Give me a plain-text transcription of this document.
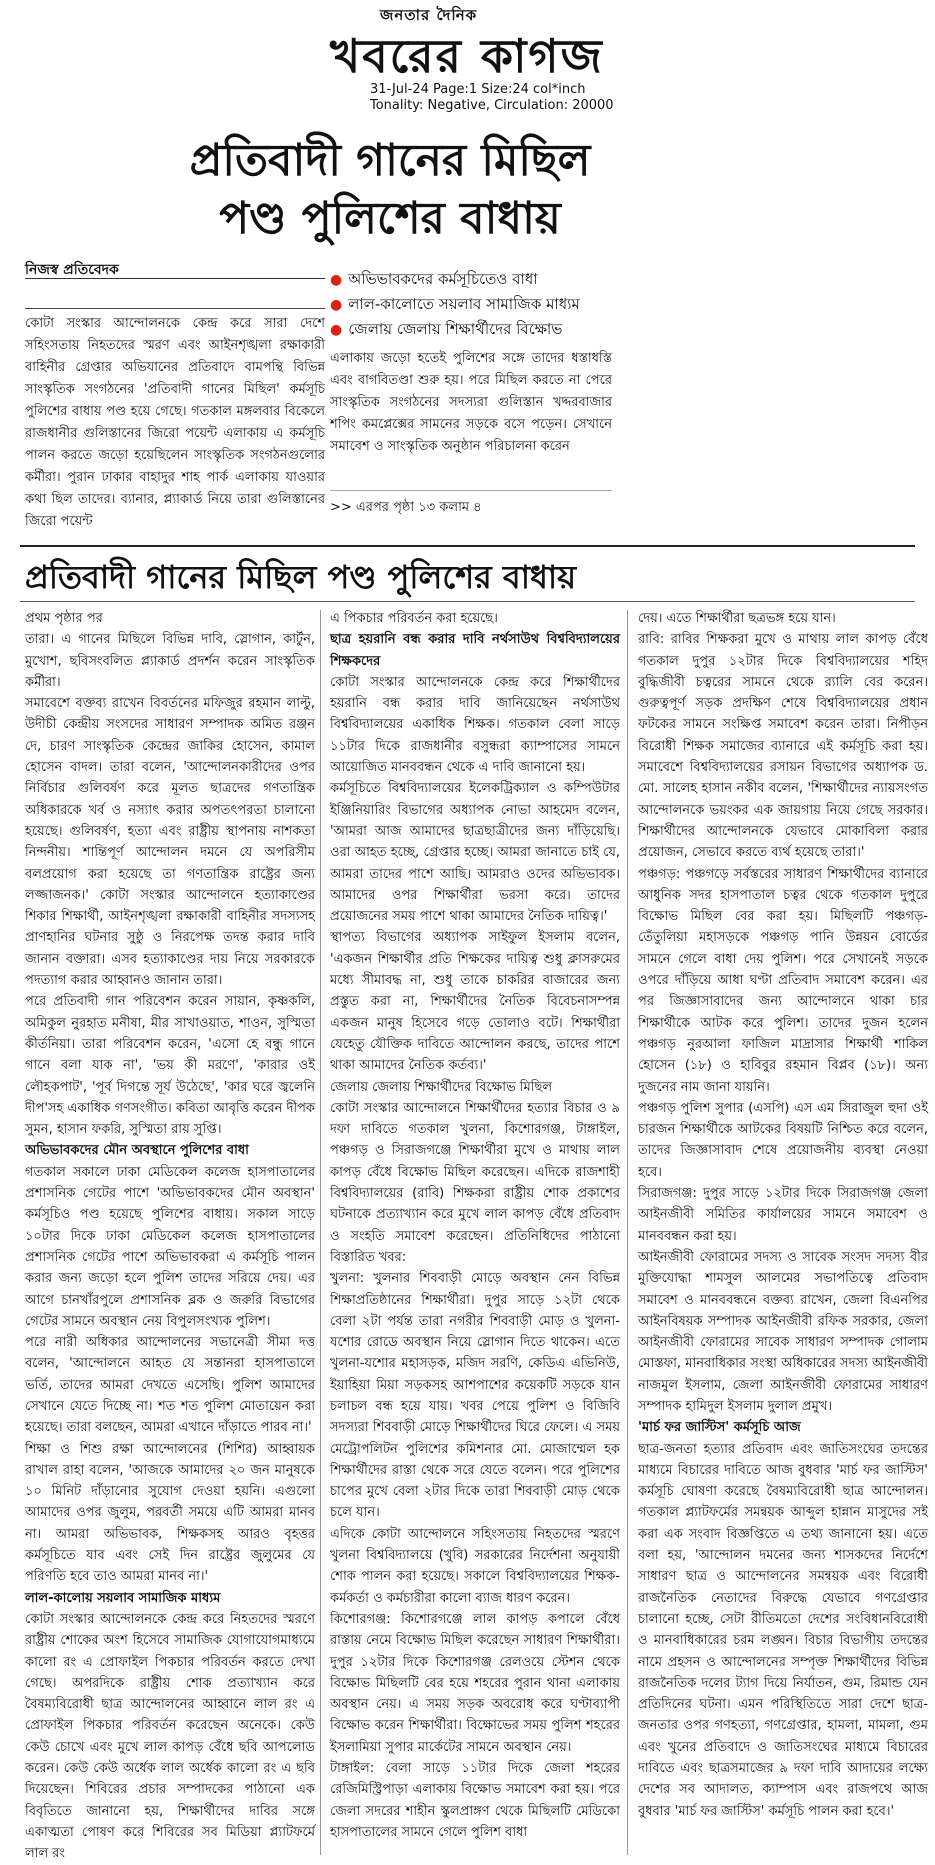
জনতার দৈনিক
খবরের কাগজ
31-Jul-24 Page:1 Size:24 col*inch
Tonality: Negative, Circulation: 20000
প্রতিবাদী গানের মিছিল
পণ্ড পুলিশের বাধায়
নিজস্ব প্রতিবেদক
● অভিভাবকদের কর্মসূচিতেও বাধা
● লাল-কালোতে সয়লাব সামাজিক মাধ্যম
● জেলায় জেলায় শিক্ষার্থীদের বিক্ষোভ
কোটা সংস্কার আন্দোলনকে কেন্দ্র করে সারা দেশে সহিংসতায় নিহতদের স্মরণ এবং আইনশৃঙ্খলা রক্ষাকারী বাহিনীর গ্রেপ্তার অভিযানের প্রতিবাদে বামপন্থি বিভিন্ন সাংস্কৃতিক সংগঠনের 'প্রতিবাদী গানের মিছিল' কর্মসূচি পুলিশের বাধায় পণ্ড হয়ে গেছে। গতকাল মঙ্গলবার বিকেলে রাজধানীর গুলিস্তানের জিরো পয়েন্ট এলাকায় এ কর্মসূচি পালন করতে জড়ো হয়েছিলেন সাংস্কৃতিক সংগঠনগুলোর কর্মীরা। পুরান ঢাকার বাহাদুর শাহ পার্ক এলাকায় যাওয়ার কথা ছিল তাদের। ব্যানার, প্ল্যাকার্ড নিয়ে তারা গুলিস্তানের জিরো পয়েন্ট
এলাকায় জড়ো হতেই পুলিশের সঙ্গে তাদের ধস্তাধস্তি এবং বাগবিতণ্ডা শুরু হয়। পরে মিছিল করতে না পেরে সাংস্কৃতিক সংগঠনের সদস্যরা গুলিস্তান খদ্দরবাজার শপিং কমপ্লেক্সের সামনের সড়কে বসে পড়েন। সেখানে সমাবেশ ও সাংস্কৃতিক অনুষ্ঠান পরিচালনা করেন
>> এরপর পৃষ্ঠা ১৩ কলাম ৪
প্রতিবাদী গানের মিছিল পণ্ড পুলিশের বাধায়

প্রথম পৃষ্ঠার পর

তারা। এ গানের মিছিলে বিভিন্ন দাবি, স্লোগান, কার্টুন, মুখোশ, ছবিসংবলিত প্ল্যাকার্ড প্রদর্শন করেন সাংস্কৃতিক কর্মীরা।

সমাবেশে বক্তব্য রাখেন বিবর্তনের মফিজুর রহমান লাল্টু, উদীচী কেন্দ্রীয় সংসদের সাধারণ সম্পাদক অমিত রঞ্জন দে, চারণ সাংস্কৃতিক কেন্দ্রের জাকির হোসেন, কামাল হোসেন বাদল। তারা বলেন, 'আন্দোলনকারীদের ওপর নির্বিচার গুলিবর্ষণ করে মূলত ছাত্রদের গণতান্ত্রিক অধিকারকে খর্ব ও নস্যাৎ করার অপতৎপরতা চালানো হয়েছে। গুলিবর্ষণ, হত্যা এবং রাষ্ট্রীয় স্থাপনায় নাশকতা নিন্দনীয়। শান্তিপূর্ণ আন্দোলন দমনে যে অপরিসীম বলপ্রয়োগ করা হয়েছে তা গণতান্ত্রিক রাষ্ট্রের জন্য লজ্জাজনক।' কোটা সংস্কার আন্দোলনে হত্যাকাণ্ডের শিকার শিক্ষার্থী, আইনশৃঙ্খলা রক্ষাকারী বাহিনীর সদস্যসহ প্রাণহানির ঘটনার সুষ্ঠু ও নিরপেক্ষ তদন্ত করার দাবি জানান বক্তারা। এসব হত্যাকাণ্ডের দায় নিয়ে সরকারকে পদত্যাগ করার আহ্বানও জানান তারা।

পরে প্রতিবাদী গান পরিবেশন করেন সায়ান, কৃষ্ণকলি, অমিকুল নুরহাত মনীষা, মীর সাখাওয়াত, শাওন, সুস্মিতা কীর্তনিয়া। তারা পরিবেশন করেন, 'এসো হে বন্ধু গানে গানে বলা যাক না', 'ভয় কী মরণে', 'কারার ওই লৌহকপাট', 'পূর্ব দিগন্তে সূর্য উঠেছে', 'কার ঘরে জ্বলেনি দীপ'সহ একাধিক গণসংগীত। কবিতা আবৃত্তি করেন দীপক সুমন, হাসান ফকরি, সুস্মিতা রায় সুপ্তি।

অভিভাবকদের মৌন অবস্থানে পুলিশের বাধা

গতকাল সকালে ঢাকা মেডিকেল কলেজ হাসপাতালের প্রশাসনিক গেটের পাশে 'অভিভাবকদের মৌন অবস্থান' কর্মসূচিও পণ্ড হয়েছে পুলিশের বাধায়। সকাল সাড়ে ১০টার দিকে ঢাকা মেডিকেল কলেজ হাসপাতালের প্রশাসনিক গেটের পাশে অভিভাবকরা এ কর্মসূচি পালন করার জন্য জড়ো হলে পুলিশ তাদের সরিয়ে দেয়। এর আগে চানখাঁরপুলে প্রশাসনিক ব্লক ও জরুরি বিভাগের গেটের সামনে অবস্থান নেয় বিপুলসংখ্যক পুলিশ।

পরে নারী অধিকার আন্দোলনের সভানেত্রী সীমা দত্ত বলেন, 'আন্দোলনে আহত যে সন্তানরা হাসপাতালে ভর্তি, তাদের আমরা দেখতে এসেছি। পুলিশ আমাদের সেখানে যেতে দিচ্ছে না। শত শত পুলিশ মোতায়েন করা হয়েছে। তারা বলছেন, আমরা এখানে দাঁড়াতে পারব না।'

শিক্ষা ও শিশু রক্ষা আন্দোলনের (শিশির) আহ্বায়ক রাখাল রাহা বলেন, 'আজকে আমাদের ২০ জন মানুষকে ১০ মিনিট দাঁড়ানোর সুযোগ দেওয়া হয়নি। এগুলো আমাদের ওপর জুলুম, পরবর্তী সময়ে এটি আমরা মানব না। আমরা অভিভাবক, শিক্ষকসহ আরও বৃহত্তর কর্মসূচিতে যাব এবং সেই দিন রাষ্ট্রের জুলুমের যে পরিণতি হবে তাও আমরা মানব না।'

লাল-কালোয় সয়লাব সামাজিক মাধ্যম

কোটা সংস্কার আন্দোলনকে কেন্দ্র করে নিহতদের স্মরণে রাষ্ট্রীয় শোকের অংশ হিসেবে সামাজিক যোগাযোগমাধ্যমে কালো রং এ প্রোফাইল পিকচার পরিবর্তন করতে দেখা গেছে। অপরদিকে রাষ্ট্রীয় শোক প্রত্যাখ্যান করে বৈষম্যবিরোধী ছাত্র আন্দোলনের আহ্বানে লাল রং এ প্রোফাইল পিকচার পরিবর্তন করেছেন অনেকে। কেউ কেউ চোখে এবং মুখে লাল কাপড় বেঁধে ছবি আপলোড করেন। কেউ কেউ অর্ধেক লাল অর্ধেক কালো রং এ ছবি দিয়েছেন। শিবিরের প্রচার সম্পাদকের পাঠানো এক বিবৃতিতে জানানো হয়, শিক্ষার্থীদের দাবির সঙ্গে একাত্মতা পোষণ করে শিবিরের সব মিডিয়া প্ল্যাটফর্মে লাল রং

এ পিকচার পরিবর্তন করা হয়েছে।

ছাত্র হয়রানি বন্ধ করার দাবি নর্থসাউথ বিশ্ববিদ্যালয়ের শিক্ষকদের

কোটা সংস্কার আন্দোলনকে কেন্দ্র করে শিক্ষার্থীদের হয়রানি বন্ধ করার দাবি জানিয়েছেন নর্থসাউথ বিশ্ববিদ্যালয়ের একাধিক শিক্ষক। গতকাল বেলা সাড়ে ১১টার দিকে রাজধানীর বসুন্ধরা ক্যাম্পাসের সামনে আয়োজিত মানববন্ধন থেকে এ দাবি জানানো হয়।

কর্মসূচিতে বিশ্ববিদ্যালয়ের ইলেকট্রিক্যাল ও কম্পিউটার ইঞ্জিনিয়ারিং বিভাগের অধ্যাপক নোভা আহমেদ বলেন, 'আমরা আজ আমাদের ছাত্রছাত্রীদের জন্য দাঁড়িয়েছি। ওরা আহত হচ্ছে, গ্রেপ্তার হচ্ছে। আমরা জানাতে চাই যে, আমরা তাদের পাশে আছি। আমরাও ওদের অভিভাবক। আমাদের ওপর শিক্ষার্থীরা ভরসা করে। তাদের প্রয়োজনের সময় পাশে থাকা আমাদের নৈতিক দায়িত্ব।'

স্থাপত্য বিভাগের অধ্যাপক সাইফুল ইসলাম বলেন, 'একজন শিক্ষার্থীর প্রতি শিক্ষকের দায়িত্ব শুধু ক্লাসরুমের মধ্যে সীমাবদ্ধ না, শুধু তাকে চাকরির বাজারের জন্য প্রস্তুত করা না, শিক্ষার্থীদের নৈতিক বিবেচনাসম্পন্ন একজন মানুষ হিসেবে গড়ে তোলাও বটে। শিক্ষার্থীরা যেহেতু যৌক্তিক দাবিতে আন্দোলন করছে, তাদের পাশে থাকা আমাদের নৈতিক কর্তব্য।'

জেলায় জেলায় শিক্ষার্থীদের বিক্ষোভ মিছিল

কোটা সংস্কার আন্দোলনে শিক্ষার্থীদের হত্যার বিচার ও ৯ দফা দাবিতে গতকাল খুলনা, কিশোরগঞ্জ, টাঙ্গাইল, পঞ্চগড় ও সিরাজগঞ্জে শিক্ষার্থীরা মুখে ও মাথায় লাল কাপড় বেঁধে বিক্ষোভ মিছিল করেছেন। এদিকে রাজশাহী বিশ্ববিদ্যালয়ের (রাবি) শিক্ষকরা রাষ্ট্রীয় শোক প্রকাশের ঘটনাকে প্রত্যাখ্যান করে মুখে লাল কাপড় বেঁধে প্রতিবাদ ও সংহতি সমাবেশ করেছেন। প্রতিনিধিদের পাঠানো বিস্তারিত খবর:

খুলনা: খুলনার শিববাড়ী মোড়ে অবস্থান নেন বিভিন্ন শিক্ষাপ্রতিষ্ঠানের শিক্ষার্থীরা। দুপুর সাড়ে ১২টা থেকে বেলা ২টা পর্যন্ত তারা নগরীর শিববাড়ী মোড় ও খুলনা-যশোর রোডে অবস্থান নিয়ে স্লোগান দিতে থাকেন। এতে খুলনা-যশোর মহাসড়ক, মজিদ সরণি, কেডিএ এভিনিউ, ইয়াহিয়া মিয়া সড়কসহ আশপাশের কয়েকটি সড়কে যান চলাচল বন্ধ হয়ে যায়। খবর পেয়ে পুলিশ ও বিজিবি সদস্যরা শিববাড়ী মোড়ে শিক্ষার্থীদের ঘিরে ফেলে। এ সময় মেট্রোপলিটন পুলিশের কমিশনার মো. মোজাম্মেল হক শিক্ষার্থীদের রাস্তা থেকে সরে যেতে বলেন। পরে পুলিশের চাপের মুখে বেলা ২টার দিকে তারা শিববাড়ী মোড় থেকে চলে যান।

এদিকে কোটা আন্দোলনে সহিংসতায় নিহতদের স্মরণে খুলনা বিশ্ববিদ্যালয়ে (খুবি) সরকারের নির্দেশনা অনুযায়ী শোক পালন করা হয়েছে। সকালে বিশ্ববিদ্যালয়ের শিক্ষক-কর্মকর্তা ও কর্মচারীরা কালো ব্যাজ ধারণ করেন।

কিশোরগঞ্জ: কিশোরগঞ্জে লাল কাপড় কপালে বেঁধে রাস্তায় নেমে বিক্ষোভ মিছিল করেছেন সাধারণ শিক্ষার্থীরা। দুপুর ১২টার দিকে কিশোরগঞ্জ রেলওয়ে স্টেশন থেকে বিক্ষোভ মিছিলটি বের হয়ে শহরের পুরান থানা এলাকায় অবস্থান নেয়। এ সময় সড়ক অবরোধ করে ঘণ্টাব্যাপী বিক্ষোভ করেন শিক্ষার্থীরা। বিক্ষোভের সময় পুলিশ শহরের ইসলামিয়া সুপার মার্কেটের সামনে অবস্থান নেয়।

টাঙ্গাইল: বেলা সাড়ে ১১টার দিকে জেলা শহরের রেজিমিস্ট্রিপাড়া এলাকায় বিক্ষোভ সমাবেশ করা হয়। পরে জেলা সদরের শাহীন স্কুলপ্রাঙ্গণ থেকে মিছিলটি মেডিকো হাসপাতালের সামনে গেলে পুলিশ বাধা

দেয়। এতে শিক্ষার্থীরা ছত্রভঙ্গ হয়ে যান।

রাবি: রাবির শিক্ষকরা মুখে ও মাথায় লাল কাপড় বেঁধে গতকাল দুপুর ১২টার দিকে বিশ্ববিদ্যালয়ের শহিদ বুদ্ধিজীবী চত্বরের সামনে থেকে র‍্যালি বের করেন। গুরুত্বপূর্ণ সড়ক প্রদক্ষিণ শেষে বিশ্ববিদ্যালয়ের প্রধান ফটকের সামনে সংক্ষিপ্ত সমাবেশ করেন তারা। নিপীড়ন বিরোধী শিক্ষক সমাজের ব্যানারে এই কর্মসূচি করা হয়। সমাবেশে বিশ্ববিদ্যালয়ের রসায়ন বিভাগের অধ্যাপক ড. মো. সালেহ হাসান নকীব বলেন, 'শিক্ষার্থীদের ন্যায়সংগত আন্দোলনকে ভয়ংকর এক জায়গায় নিয়ে গেছে সরকার। শিক্ষার্থীদের আন্দোলনকে যেভাবে মোকাবিলা করার প্রয়োজন, সেভাবে করতে ব্যর্থ হয়েছে তারা।'

পঞ্চগড়: পঞ্চগড়ে সর্বস্তরের সাধারণ শিক্ষার্থীদের ব্যানারে আধুনিক সদর হাসপাতাল চত্বর থেকে গতকাল দুপুরে বিক্ষোভ মিছিল বের করা হয়। মিছিলটি পঞ্চগড়-তেঁতুলিয়া মহাসড়কে পঞ্চগড় পানি উন্নয়ন বোর্ডের সামনে গেলে বাধা দেয় পুলিশ। পরে সেখানেই সড়কে ওপরে দাঁড়িয়ে আধা ঘণ্টা প্রতিবাদ সমাবেশ করেন। এর পর জিজ্ঞাসাবাদের জন্য আন্দোলনে থাকা চার শিক্ষার্থীকে আটক করে পুলিশ। তাদের দুজন হলেন পঞ্চগড় নুরআলা ফাজিল মাদ্রাসার শিক্ষার্থী শাকিল হোসেন (১৮) ও হাবিবুর রহমান বিপ্লব (১৮)। অন্য দুজনের নাম জানা যায়নি।

পঞ্চগড় পুলিশ সুপার (এসপি) এস এম সিরাজুল হুদা ওই চারজন শিক্ষার্থীকে আটকের বিষয়টি নিশ্চিত করে বলেন, তাদের জিজ্ঞাসাবাদ শেষে প্রয়োজনীয় ব্যবস্থা নেওয়া হবে।

সিরাজগঞ্জ: দুপুর সাড়ে ১২টার দিকে সিরাজগঞ্জ জেলা আইনজীবী সমিতির কার্যালয়ের সামনে সমাবেশ ও মানববন্ধন করা হয়।

আইনজীবী ফোরামের সদস্য ও সাবেক সংসদ সদস্য বীর মুক্তিযোদ্ধা শামসুল আলমের সভাপতিত্বে প্রতিবাদ সমাবেশ ও মানববন্ধনে বক্তব্য রাখেন, জেলা বিএনপির আইনবিষয়ক সম্পাদক আইনজীবী রফিক সরকার, জেলা আইনজীবী ফোরামের সাবেক সাধারণ সম্পাদক গোলাম মোস্তফা, মানবাধিকার সংস্থা অধিকারের সদস্য আইনজীবী নাজমুল ইসলাম, জেলা আইনজীবী ফোরামের সাধারণ সম্পাদক হামিদুল ইসলাম দুলাল প্রমুখ।

'মার্চ ফর জাস্টিস' কর্মসূচি আজ

ছাত্র-জনতা হত্যার প্রতিবাদ এবং জাতিসংঘের তদন্তের মাধ্যমে বিচারের দাবিতে আজ বুধবার 'মার্চ ফর জাস্টিস' কর্মসূচি ঘোষণা করেছে বৈষম্যবিরোধী ছাত্র আন্দোলন। গতকাল প্ল্যাটফর্মের সমন্বয়ক আব্দুল হান্নান মাসুদের সই করা এক সংবাদ বিজ্ঞপ্তিতে এ তথ্য জানানো হয়। এতে বলা হয়, 'আন্দোলন দমনের জন্য শাসকদের নির্দেশে সাধারণ ছাত্র ও আন্দোলনের সমন্বয়ক এবং বিরোধী রাজনৈতিক নেতাদের বিরুদ্ধে যেভাবে গণগ্রেপ্তার চালানো হচ্ছে, সেটা রীতিমতো দেশের সংবিধানবিরোধী ও মানবাধিকারের চরম লঙ্ঘন। বিচার বিভাগীয় তদন্তের নামে প্রহসন ও আন্দোলনের সম্পৃক্ত শিক্ষার্থীদের বিভিন্ন রাজনৈতিক দলের ট্যাগ দিয়ে নির্যাতন, গুম, রিমান্ড যেন প্রতিদিনের ঘটনা। এমন পরিস্থিতিতে সারা দেশে ছাত্র-জনতার ওপর গণহত্যা, গণগ্রেপ্তার, হামলা, মামলা, গুম এবং খুনের প্রতিবাদে ও জাতিসংঘের মাধ্যমে বিচারের দাবিতে এবং ছাত্রসমাজের ৯ দফা দাবি আদায়ের লক্ষ্যে দেশের সব আদালত, ক্যাম্পাস এবং রাজপথে আজ বুধবার 'মার্চ ফর জাস্টিস' কর্মসূচি পালন করা হবে।'
